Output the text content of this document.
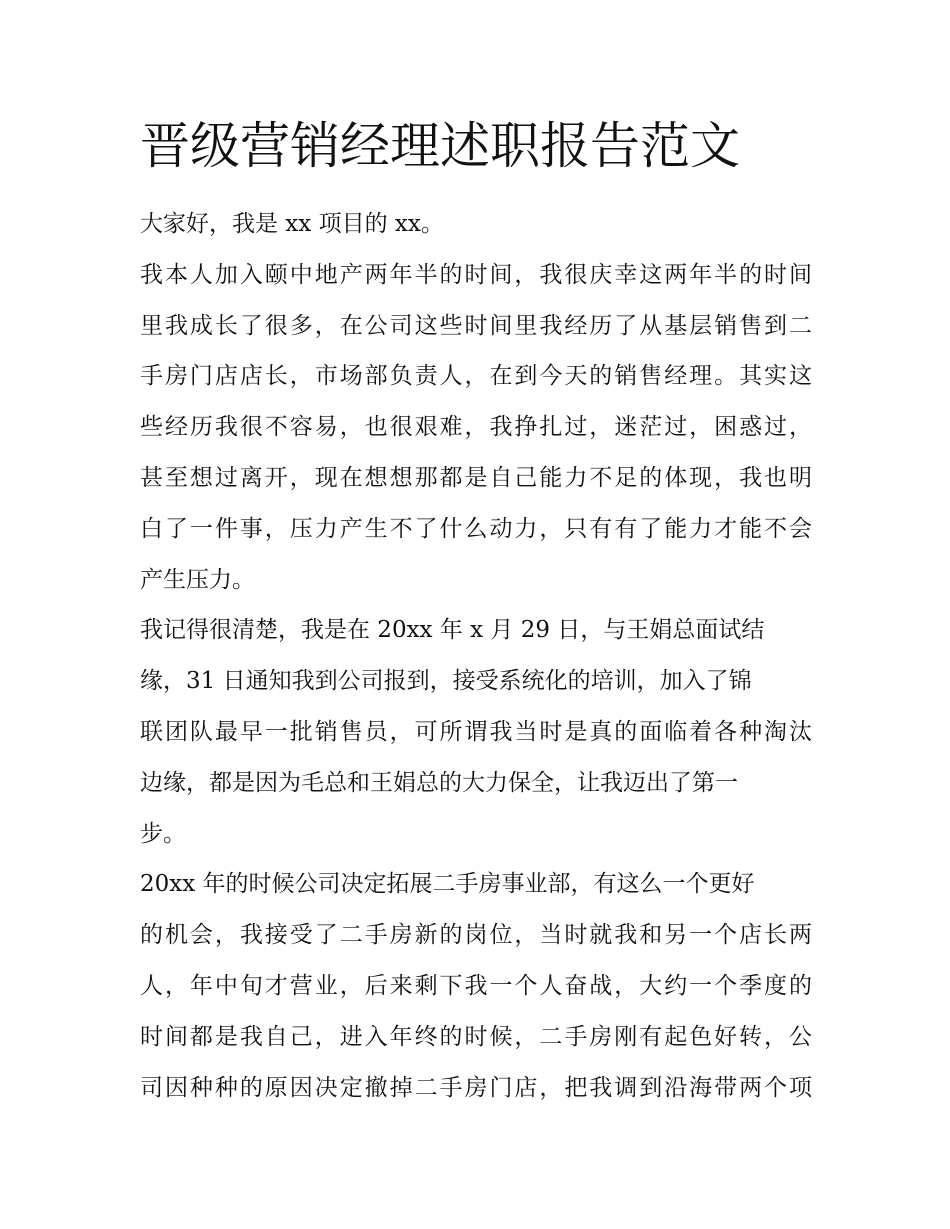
晋级营销经理述职报告范文
大家好，我是 xx 项目的 xx。
我本人加入颐中地产两年半的时间，我很庆幸这两年半的时间
里我成长了很多，在公司这些时间里我经历了从基层销售到二
手房门店店长，市场部负责人，在到今天的销售经理。其实这
些经历我很不容易，也很艰难，我挣扎过，迷茫过，困惑过，
甚至想过离开，现在想想那都是自己能力不足的体现，我也明
白了一件事，压力产生不了什么动力，只有有了能力才能不会
产生压力。
我记得很清楚，我是在 20xx 年 x 月 29 日，与王娟总面试结
缘，31 日通知我到公司报到，接受系统化的培训，加入了锦
联团队最早一批销售员，可所谓我当时是真的面临着各种淘汰
边缘，都是因为毛总和王娟总的大力保全，让我迈出了第一
步。
20xx 年的时候公司决定拓展二手房事业部，有这么一个更好
的机会，我接受了二手房新的岗位，当时就我和另一个店长两
人，年中旬才营业，后来剩下我一个人奋战，大约一个季度的
时间都是我自己，进入年终的时候，二手房刚有起色好转，公
司因种种的原因决定撤掉二手房门店，把我调到沿海带两个项
